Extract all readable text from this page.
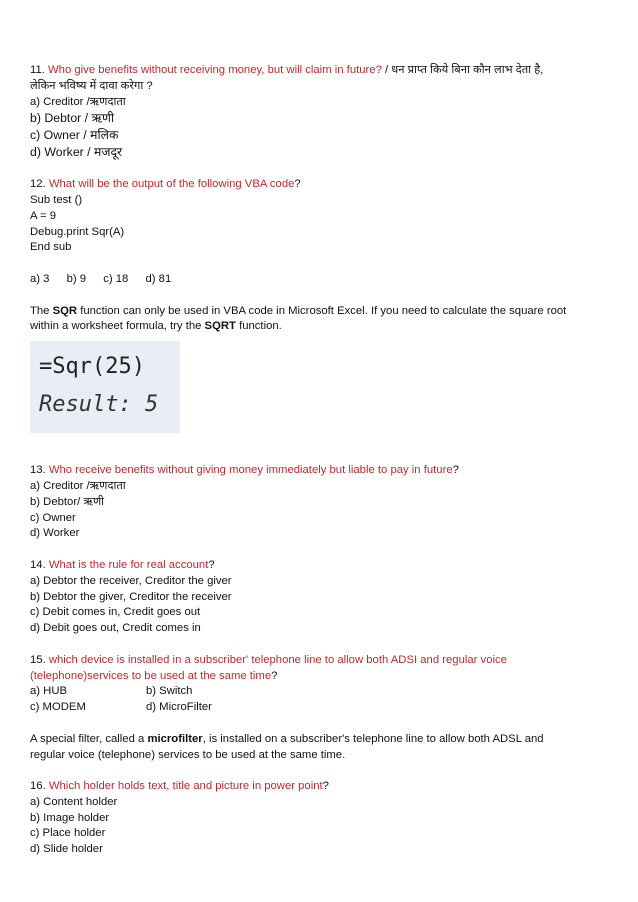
11. Who give benefits without receiving money, but will claim in future? / धन प्राप्त किये बिना कौन लाभ देता है,

लेकिन भविष्य में दावा करेगा ?

a) Creditor /ऋणदाता

b) Debtor / ऋणी

c) Owner / मलिक

d) Worker / मजदूर

12. What will be the output of the following VBA code?

Sub test ()

A = 9

Debug.print Sqr(A)

End sub

a) 3 b) 9 c) 18 d) 81

The SQR function can only be used in VBA code in Microsoft Excel. If you need to calculate the square root

within a worksheet formula, try the SQRT function.

=Sqr(25)
Result: 5

13. Who receive benefits without giving money immediately but liable to pay in future?

a) Creditor /ऋणदाता

b) Debtor/ ऋणी

c) Owner

d) Worker

14. What is the rule for real account?

a) Debtor the receiver, Creditor the giver

b) Debtor the giver, Creditor the receiver

c) Debit comes in, Credit goes out

d) Debit goes out, Credit comes in

15. which device is installed in a subscriber' telephone line to allow both ADSI and regular voice

(telephone)services to be used at the same time?

a) HUB	b) Switch
c) MODEM	d) MicroFilter

A special filter, called a microfilter, is installed on a subscriber's telephone line to allow both ADSL and

regular voice (telephone) services to be used at the same time.

16. Which holder holds text, title and picture in power point?

a) Content holder

b) Image holder

c) Place holder

d) Slide holder
